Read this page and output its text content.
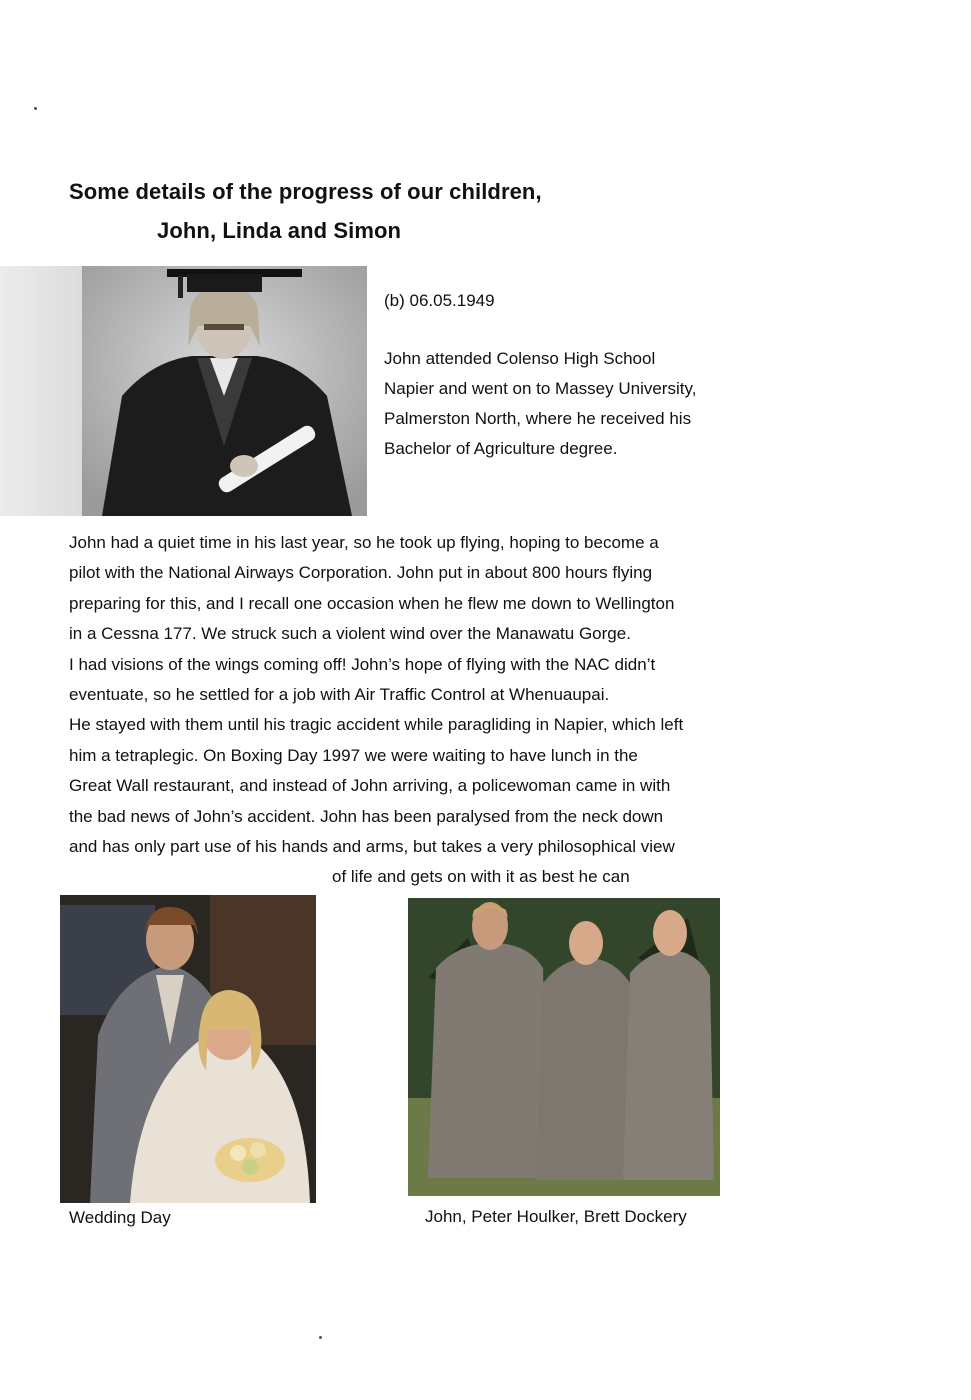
Some details of the progress of our children,
John, Linda and Simon
(b) 06.05.1949
John attended Colenso High School
Napier and went on to Massey University,
Palmerston North, where he received his
Bachelor of Agriculture degree.
John had a quiet time in his last year, so he took up flying, hoping to become a
pilot with the National Airways Corporation. John put in about 800 hours flying
preparing for this, and I recall one occasion when he flew me down to Wellington
in a Cessna 177. We struck such a violent wind over the Manawatu Gorge.
I had visions of the wings coming off! John’s hope of flying with the NAC didn’t
eventuate, so he settled for a job with Air Traffic Control at Whenuaupai.
He stayed with them until his tragic accident while paragliding in Napier, which left
him a tetraplegic. On Boxing Day 1997 we were waiting to have lunch in the
Great Wall restaurant, and instead of John arriving, a policewoman came in with
the bad news of John’s accident. John has been paralysed from the neck down
and has only part use of his hands and arms, but takes a very philosophical view
of life and gets on with it as best he can
Wedding Day	John, Peter Houlker, Brett Dockery
